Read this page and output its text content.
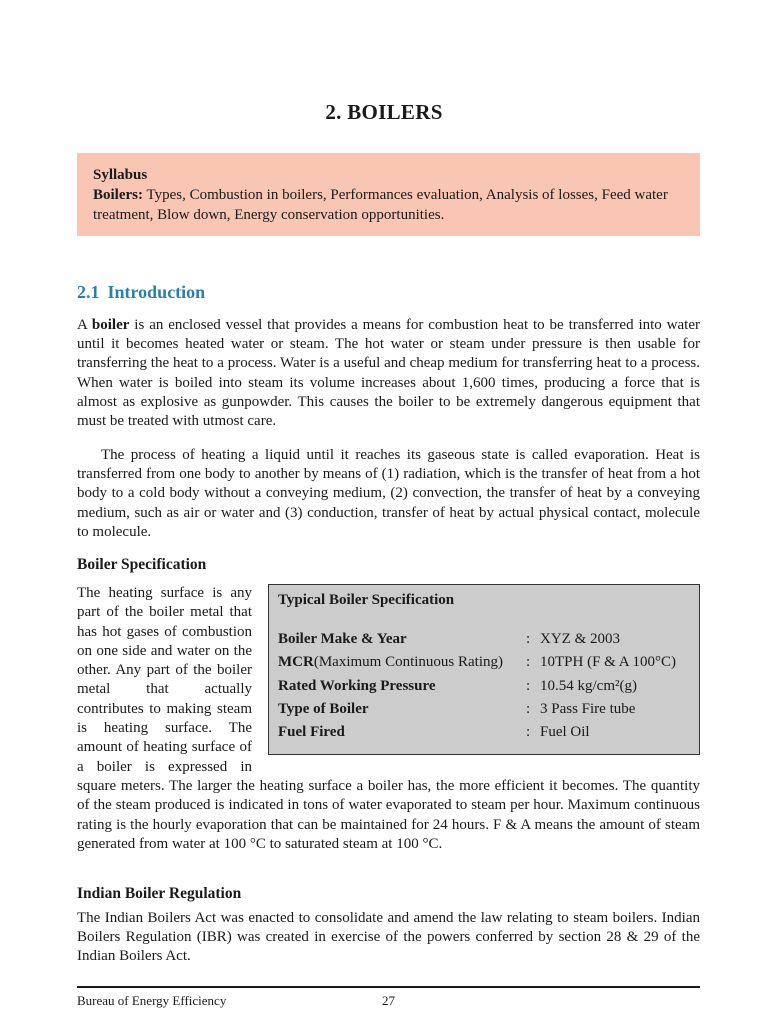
2. BOILERS
Syllabus
Boilers: Types, Combustion in boilers, Performances evaluation, Analysis of losses, Feed water treatment, Blow down, Energy conservation opportunities.
2.1 Introduction
A boiler is an enclosed vessel that provides a means for combustion heat to be transferred into water until it becomes heated water or steam. The hot water or steam under pressure is then usable for transferring the heat to a process. Water is a useful and cheap medium for transferring heat to a process. When water is boiled into steam its volume increases about 1,600 times, producing a force that is almost as explosive as gunpowder. This causes the boiler to be extremely dangerous equipment that must be treated with utmost care.
The process of heating a liquid until it reaches its gaseous state is called evaporation. Heat is transferred from one body to another by means of (1) radiation, which is the transfer of heat from a hot body to a cold body without a conveying medium, (2) convection, the transfer of heat by a conveying medium, such as air or water and (3) conduction, transfer of heat by actual physical contact, molecule to molecule.
Boiler Specification
Typical Boiler Specification
Boiler Make & Year	: XYZ & 2003
MCR(Maximum Continuous Rating)	: 10TPH (F & A 100°C)
Rated Working Pressure	: 10.54 kg/cm²(g)
Type of Boiler	: 3 Pass Fire tube
Fuel Fired	: Fuel Oil
The heating surface is any part of the boiler metal that has hot gases of combustion on one side and water on the other. Any part of the boiler metal that actually contributes to making steam is heating surface. The amount of heating surface of a boiler is expressed in square meters. The larger the heating surface a boiler has, the more efficient it becomes. The quantity of the steam produced is indicated in tons of water evaporated to steam per hour. Maximum continuous rating is the hourly evaporation that can be maintained for 24 hours. F & A means the amount of steam generated from water at 100 °C to saturated steam at 100 °C.
Indian Boiler Regulation
The Indian Boilers Act was enacted to consolidate and amend the law relating to steam boilers. Indian Boilers Regulation (IBR) was created in exercise of the powers conferred by section 28 & 29 of the Indian Boilers Act.
Bureau of Energy Efficiency	27
